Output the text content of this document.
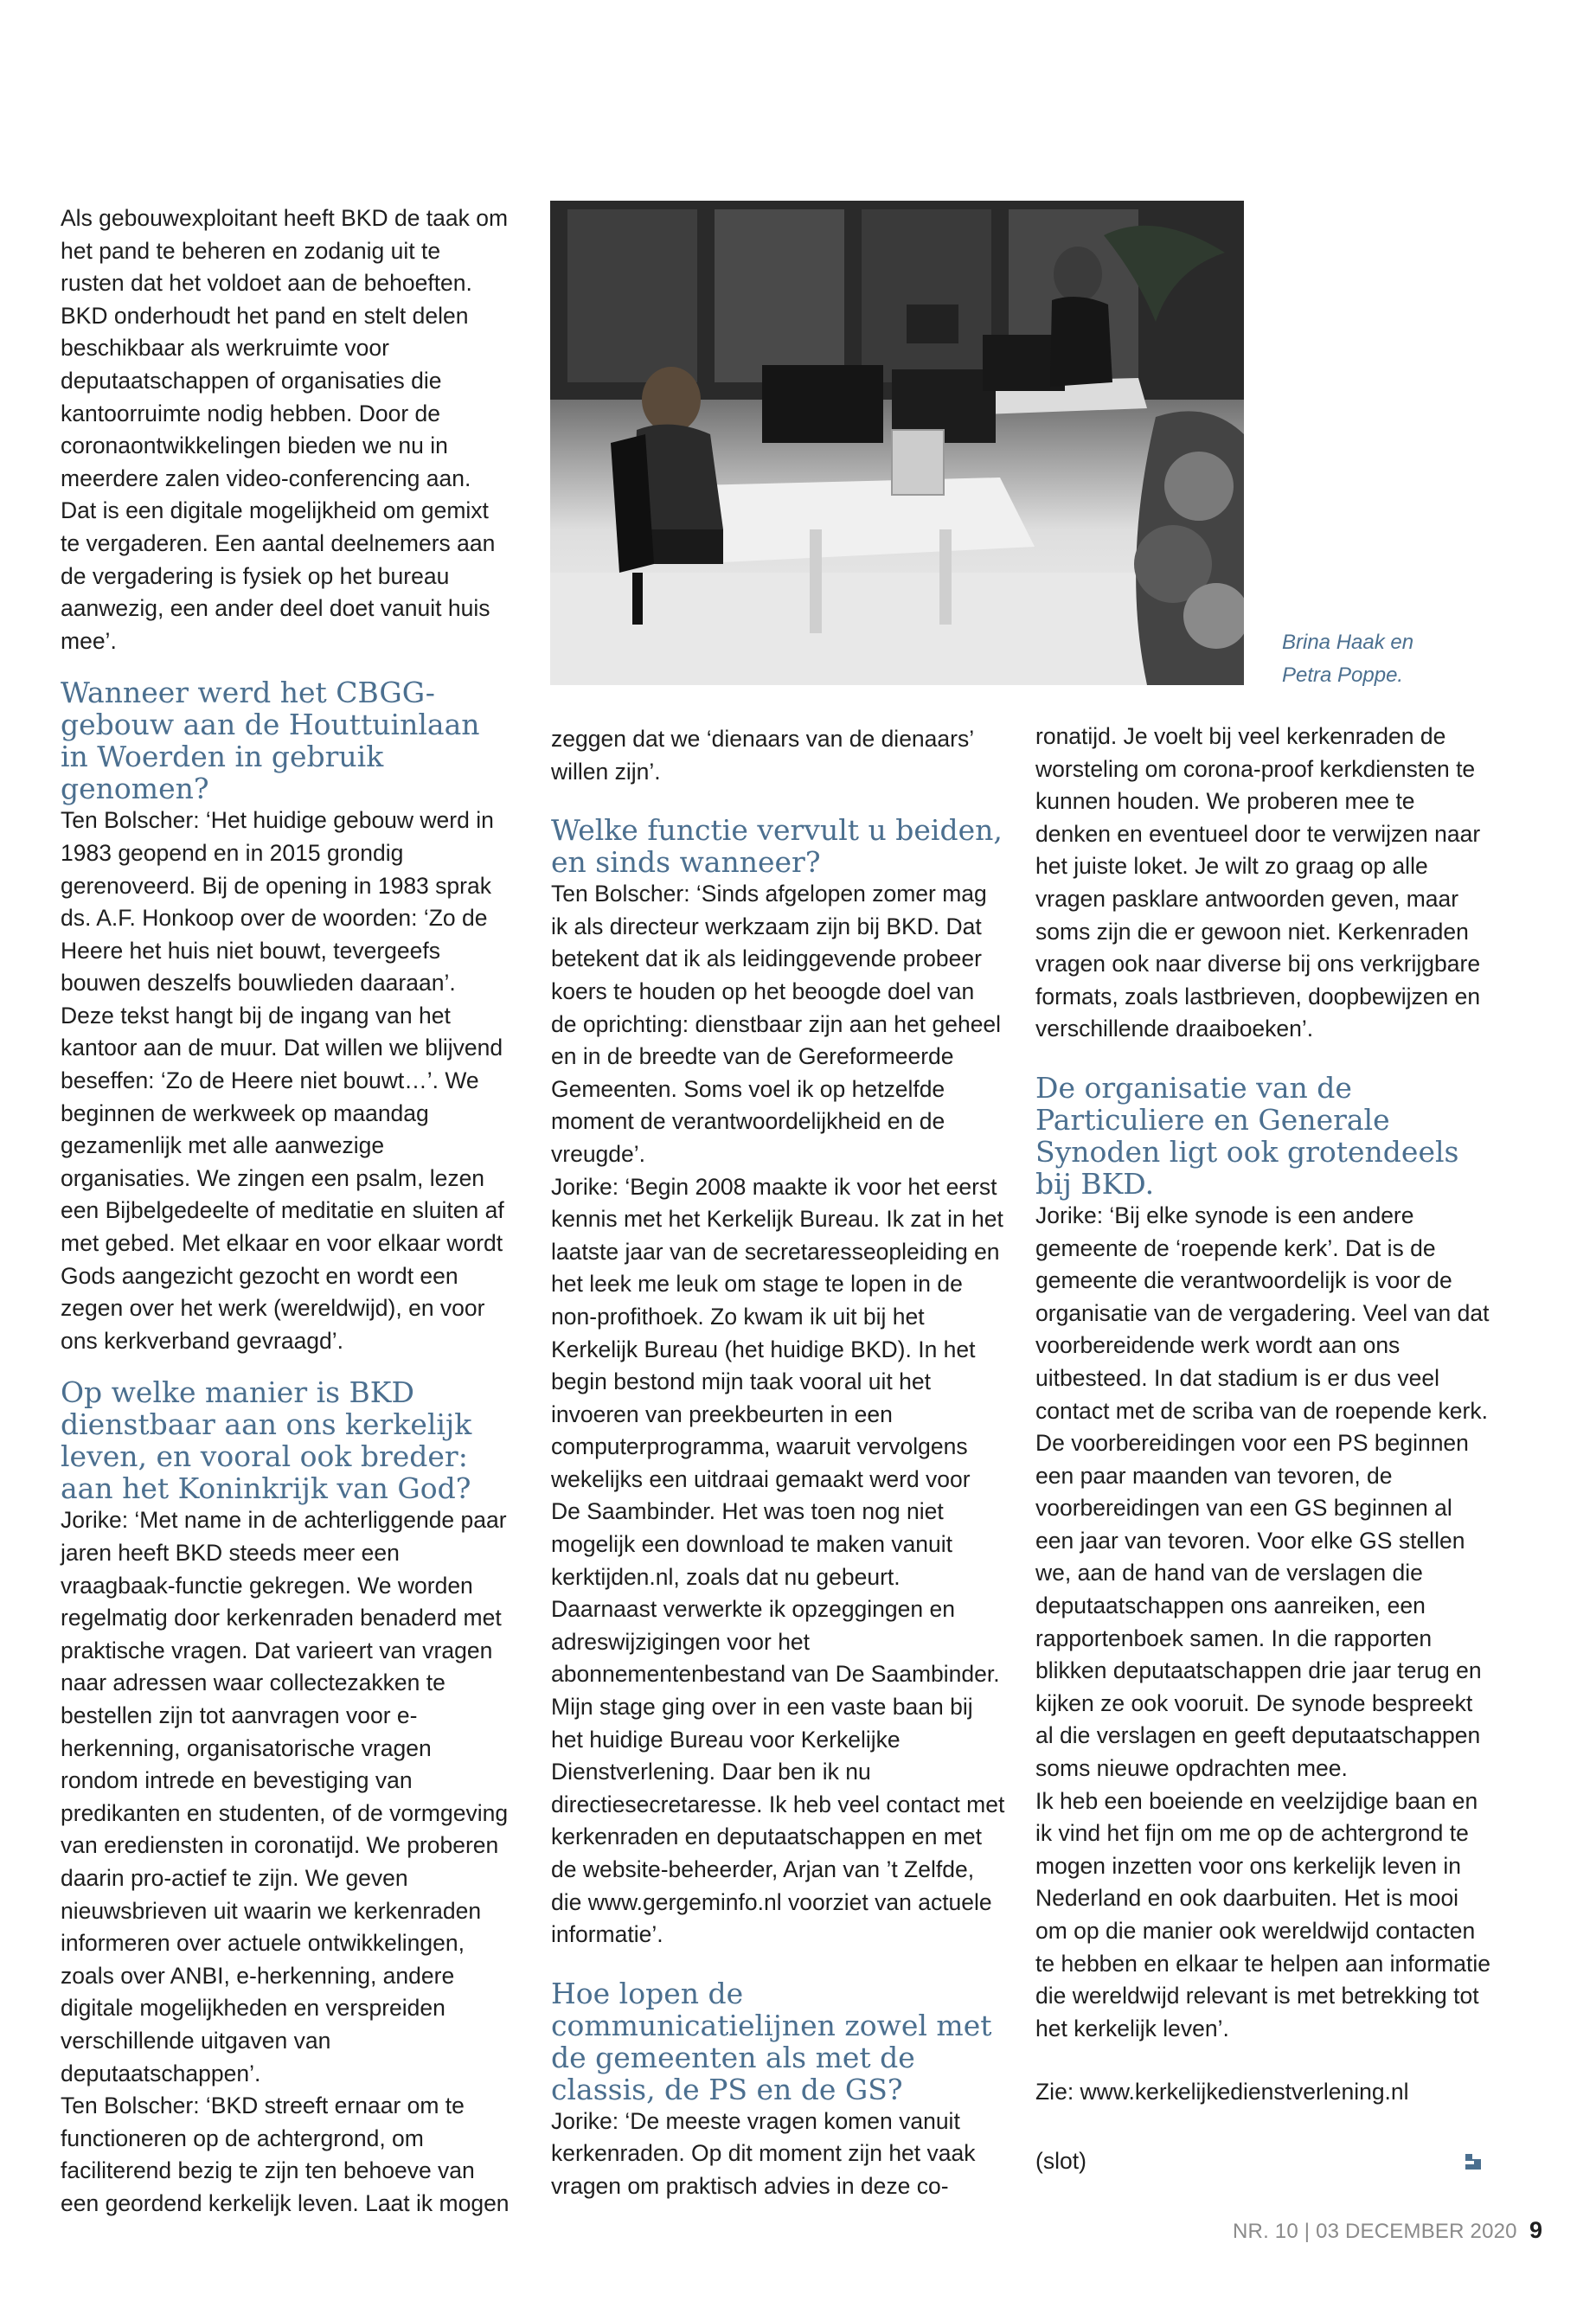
Als gebouwexploitant heeft BKD de taak om het pand te beheren en zodanig uit te rusten dat het voldoet aan de behoeften. BKD onderhoudt het pand en stelt delen beschikbaar als werkruimte voor deputaatschappen of organisaties die kantoorruimte nodig hebben. Door de coronaontwikkelingen bieden we nu in meerdere zalen video-conferencing aan. Dat is een digitale mogelijkheid om gemixt te vergaderen. Een aantal deelnemers aan de vergadering is fysiek op het bureau aanwezig, een ander deel doet vanuit huis mee’.

Wanneer werd het CBGG-gebouw aan de Houttuinlaan in Woerden in gebruik genomen?

Ten Bolscher: ‘Het huidige gebouw werd in 1983 geopend en in 2015 grondig gerenoveerd. Bij de opening in 1983 sprak ds. A.F. Honkoop over de woorden: ‘Zo de Heere het huis niet bouwt, tevergeefs bouwen deszelfs bouwlieden daaraan’. Deze tekst hangt bij de ingang van het kantoor aan de muur. Dat willen we blijvend beseffen: ‘Zo de Heere niet bouwt…’. We beginnen de werkweek op maandag gezamenlijk met alle aanwezige organisaties. We zingen een psalm, lezen een Bijbelgedeelte of meditatie en sluiten af met gebed. Met elkaar en voor elkaar wordt Gods aangezicht gezocht en wordt een zegen over het werk (wereldwijd), en voor ons kerkverband gevraagd’.

Op welke manier is BKD dienstbaar aan ons kerkelijk leven, en vooral ook breder: aan het Koninkrijk van God?

Jorike: ‘Met name in de achterliggende paar jaren heeft BKD steeds meer een vraagbaak-functie gekregen. We worden regelmatig door kerkenraden benaderd met praktische vragen. Dat varieert van vragen naar adressen waar collectezakken te bestellen zijn tot aanvragen voor e-herkenning, organisatorische vragen rondom intrede en bevestiging van predikanten en studenten, of de vormgeving van erediensten in coronatijd. We proberen daarin pro-actief te zijn. We geven nieuwsbrieven uit waarin we kerkenraden informeren over actuele ontwikkelingen, zoals over ANBI, e-herkenning, andere digitale mogelijkheden en verspreiden verschillende uitgaven van deputaatschappen’.

Ten Bolscher: ‘BKD streeft ernaar om te functioneren op de achtergrond, om faciliterend bezig te zijn ten behoeve van een geordend kerkelijk leven. Laat ik mogen

Brina Haak en
Petra Poppe.

zeggen dat we ‘dienaars van de dienaars’ willen zijn’.

Welke functie vervult u beiden, en sinds wanneer?

Ten Bolscher: ‘Sinds afgelopen zomer mag ik als directeur werkzaam zijn bij BKD. Dat betekent dat ik als leidinggevende probeer koers te houden op het beoogde doel van de oprichting: dienstbaar zijn aan het geheel en in de breedte van de Gereformeerde Gemeenten. Soms voel ik op hetzelfde moment de verantwoordelijkheid en de vreugde’.

Jorike: ‘Begin 2008 maakte ik voor het eerst kennis met het Kerkelijk Bureau. Ik zat in het laatste jaar van de secretaresseopleiding en het leek me leuk om stage te lopen in de non-profithoek. Zo kwam ik uit bij het Kerkelijk Bureau (het huidige BKD). In het begin bestond mijn taak vooral uit het invoeren van preekbeurten in een computerprogramma, waaruit vervolgens wekelijks een uitdraai gemaakt werd voor De Saambinder. Het was toen nog niet mogelijk een download te maken vanuit kerktijden.nl, zoals dat nu gebeurt. Daarnaast verwerkte ik opzeggingen en adreswijzigingen voor het abonnementenbestand van De Saambinder. Mijn stage ging over in een vaste baan bij het huidige Bureau voor Kerkelijke Dienstverlening. Daar ben ik nu directiesecretaresse. Ik heb veel contact met kerkenraden en deputaatschappen en met de website-beheerder, Arjan van ’t Zelfde, die www.gergeminfo.nl voorziet van actuele informatie’.

Hoe lopen de communicatielijnen zowel met de gemeenten als met de classis, de PS en de GS?

Jorike: ‘De meeste vragen komen vanuit kerkenraden. Op dit moment zijn het vaak vragen om praktisch advies in deze co-

ronatijd. Je voelt bij veel kerkenraden de worsteling om corona-proof kerkdiensten te kunnen houden. We proberen mee te denken en eventueel door te verwijzen naar het juiste loket. Je wilt zo graag op alle vragen pasklare antwoorden geven, maar soms zijn die er gewoon niet. Kerkenraden vragen ook naar diverse bij ons verkrijgbare formats, zoals lastbrieven, doopbewijzen en verschillende draaiboeken’.

De organisatie van de Particuliere en Generale Synoden ligt ook grotendeels bij BKD.

Jorike: ‘Bij elke synode is een andere gemeente de ‘roepende kerk’. Dat is de gemeente die verantwoordelijk is voor de organisatie van de vergadering. Veel van dat voorbereidende werk wordt aan ons uitbesteed. In dat stadium is er dus veel contact met de scriba van de roepende kerk. De voorbereidingen voor een PS beginnen een paar maanden van tevoren, de voorbereidingen van een GS beginnen al een jaar van tevoren. Voor elke GS stellen we, aan de hand van de verslagen die deputaatschappen ons aanreiken, een rapportenboek samen. In die rapporten blikken deputaatschappen drie jaar terug en kijken ze ook vooruit. De synode bespreekt al die verslagen en geeft deputaatschappen soms nieuwe opdrachten mee.

Ik heb een boeiende en veelzijdige baan en ik vind het fijn om me op de achtergrond te mogen inzetten voor ons kerkelijk leven in Nederland en ook daarbuiten. Het is mooi om op die manier ook wereldwijd contacten te hebben en elkaar te helpen aan informatie die wereldwijd relevant is met betrekking tot het kerkelijk leven’.

Zie: www.kerkelijkedienstverlening.nl

(slot)
NR. 10 | 03 DECEMBER 2020 9
